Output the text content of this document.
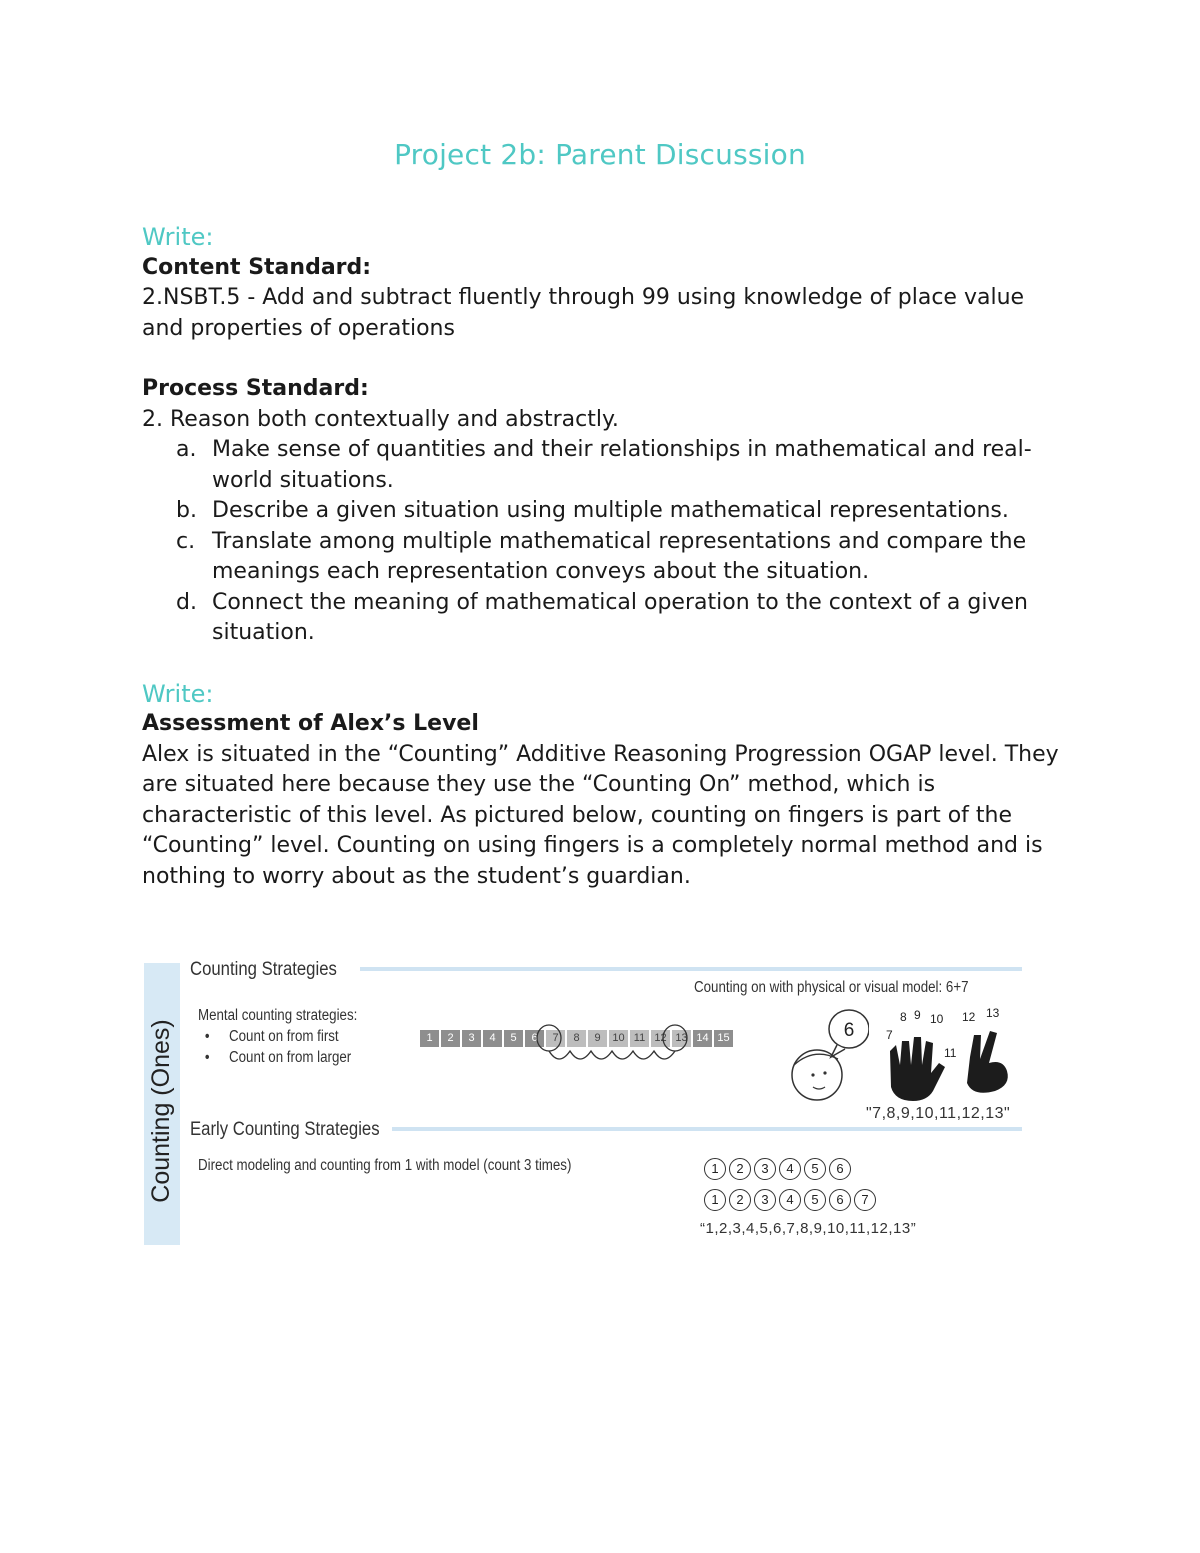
Project 2b: Parent Discussion
Write:
Content Standard:
2.NSBT.5 - Add and subtract fluently through 99 using knowledge of place value and properties of operations
Process Standard:
2. Reason both contextually and abstractly.
a. Make sense of quantities and their relationships in mathematical and real-world situations.
b. Describe a given situation using multiple mathematical representations.
c. Translate among multiple mathematical representations and compare the meanings each representation conveys about the situation.
d. Connect the meaning of mathematical operation to the context of a given situation.
Write:
Assessment of Alex’s Level
Alex is situated in the “Counting” Additive Reasoning Progression OGAP level. They are situated here because they use the “Counting On” method, which is characteristic of this level. As pictured below, counting on fingers is part of the “Counting” level. Counting on using fingers is a completely normal method and is nothing to worry about as the student’s guardian.
Counting (Ones)
Counting Strategies
Counting on with physical or visual model: 6+7
Mental counting strategies:
• Count on from first
• Count on from larger
1	2	3	4	5	6	7	8	9	10 11 12 13 14 15	6	7
8 9 10
11
12 13
"7,8,9,10,11,12,13"
Early Counting Strategies
Direct modeling and counting from 1 with model (count 3 times)	1 2 3 4 5 6
1 2 3 4 5 6 7
“1,2,3,4,5,6,7,8,9,10,11,12,13”
